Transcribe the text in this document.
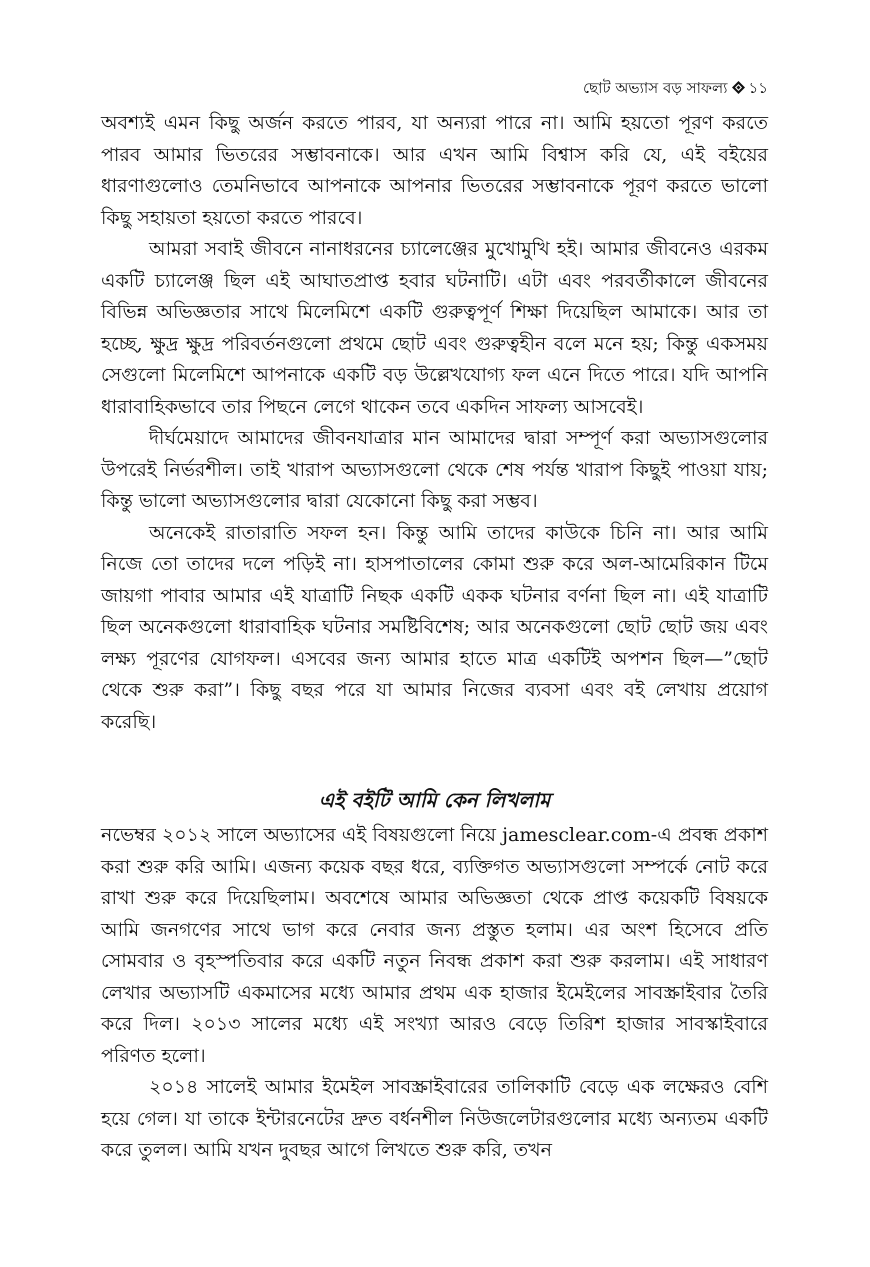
ছোট অভ্যাস বড় সাফল্য ১১

অবশ্যই এমন কিছু অর্জন করতে পারব, যা অন্যরা পারে না। আমি হয়তো পূরণ করতে পারব আমার ভিতরের সম্ভাবনাকে। আর এখন আমি বিশ্বাস করি যে, এই বইয়ের ধারণাগুলোও তেমনিভাবে আপনাকে আপনার ভিতরের সম্ভাবনাকে পূরণ করতে ভালো কিছু সহায়তা হয়তো করতে পারবে।

আমরা সবাই জীবনে নানাধরনের চ্যালেঞ্জের মুখোমুখি হই। আমার জীবনেও এরকম একটি চ্যালেঞ্জ ছিল এই আঘাতপ্রাপ্ত হবার ঘটনাটি। এটা এবং পরবর্তীকালে জীবনের বিভিন্ন অভিজ্ঞতার সাথে মিলেমিশে একটি গুরুত্বপূর্ণ শিক্ষা দিয়েছিল আমাকে। আর তা হচ্ছে, ক্ষুদ্র ক্ষুদ্র পরিবর্তনগুলো প্রথমে ছোট এবং গুরুত্বহীন বলে মনে হয়; কিন্তু একসময় সেগুলো মিলেমিশে আপনাকে একটি বড় উল্লেখযোগ্য ফল এনে দিতে পারে। যদি আপনি ধারাবাহিকভাবে তার পিছনে লেগে থাকেন তবে একদিন সাফল্য আসবেই।

দীর্ঘমেয়াদে আমাদের জীবনযাত্রার মান আমাদের দ্বারা সম্পূর্ণ করা অভ্যাসগুলোর উপরেই নির্ভরশীল। তাই খারাপ অভ্যাসগুলো থেকে শেষ পর্যন্ত খারাপ কিছুই পাওয়া যায়; কিন্তু ভালো অভ্যাসগুলোর দ্বারা যেকোনো কিছু করা সম্ভব।

অনেকেই রাতারাতি সফল হন। কিন্তু আমি তাদের কাউকে চিনি না। আর আমি নিজে তো তাদের দলে পড়িই না। হাসপাতালের কোমা শুরু করে অল-আমেরিকান টিমে জায়গা পাবার আমার এই যাত্রাটি নিছক একটি একক ঘটনার বর্ণনা ছিল না। এই যাত্রাটি ছিল অনেকগুলো ধারাবাহিক ঘটনার সমষ্টিবিশেষ; আর অনেকগুলো ছোট ছোট জয় এবং লক্ষ্য পূরণের যোগফল। এসবের জন্য আমার হাতে মাত্র একটিই অপশন ছিল—”ছোট থেকে শুরু করা”। কিছু বছর পরে যা আমার নিজের ব্যবসা এবং বই লেখায় প্রয়োগ করেছি।

এই বইটি আমি কেন লিখলাম

নভেম্বর ২০১২ সালে অভ্যাসের এই বিষয়গুলো নিয়ে jamesclear.com-এ প্রবন্ধ প্রকাশ করা শুরু করি আমি। এজন্য কয়েক বছর ধরে, ব্যক্তিগত অভ্যাসগুলো সম্পর্কে নোট করে রাখা শুরু করে দিয়েছিলাম। অবশেষে আমার অভিজ্ঞতা থেকে প্রাপ্ত কয়েকটি বিষয়কে আমি জনগণের সাথে ভাগ করে নেবার জন্য প্রস্তুত হলাম। এর অংশ হিসেবে প্রতি সোমবার ও বৃহস্পতিবার করে একটি নতুন নিবন্ধ প্রকাশ করা শুরু করলাম। এই সাধারণ লেখার অভ্যাসটি একমাসের মধ্যে আমার প্রথম এক হাজার ইমেইলের সাবস্ক্রাইবার তৈরি করে দিল। ২০১৩ সালের মধ্যে এই সংখ্যা আরও বেড়ে তিরিশ হাজার সাবস্কাইবারে পরিণত হলো।

২০১৪ সালেই আমার ইমেইল সাবস্ক্রাইবারের তালিকাটি বেড়ে এক লক্ষেরও বেশি হয়ে গেল। যা তাকে ইন্টারনেটের দ্রুত বর্ধনশীল নিউজলেটারগুলোর মধ্যে অন্যতম একটি করে তুলল। আমি যখন দুবছর আগে লিখতে শুরু করি, তখন
